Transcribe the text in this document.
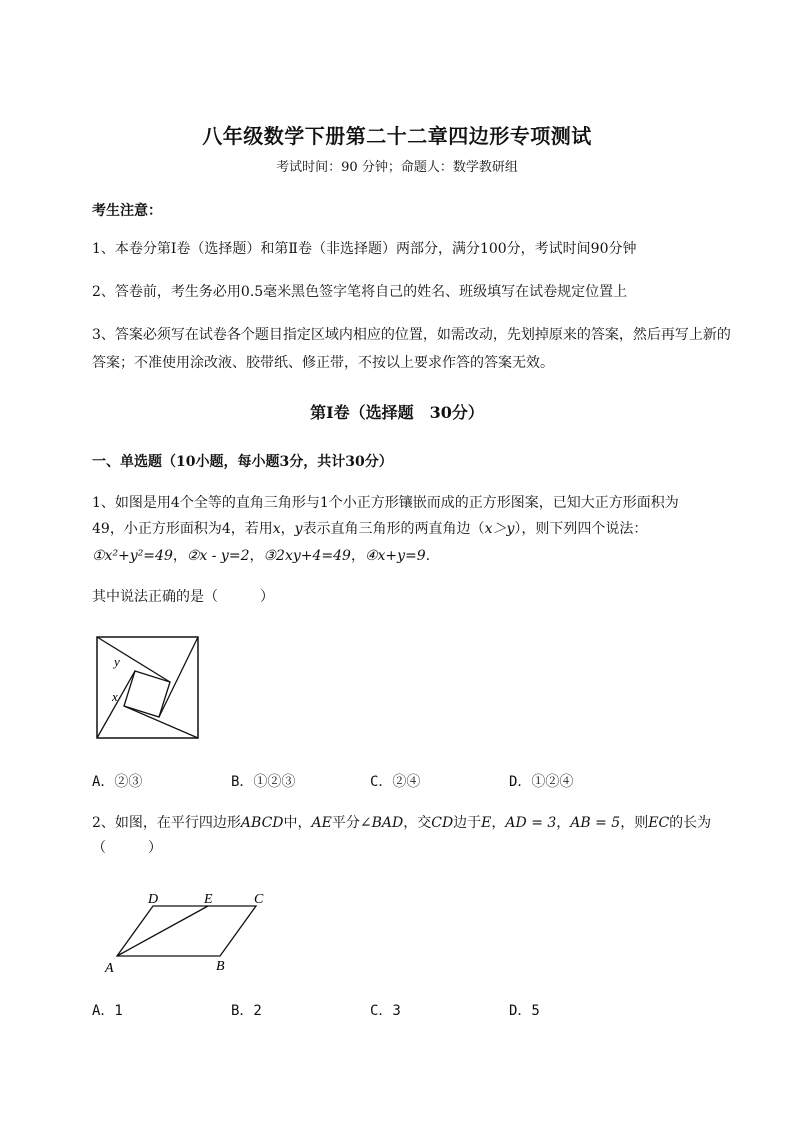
八年级数学下册第二十二章四边形专项测试
考试时间：90 分钟；命题人：数学教研组
考生注意：
1、本卷分第I卷（选择题）和第Ⅱ卷（非选择题）两部分，满分100分，考试时间90分钟
2、答卷前，考生务必用0.5毫米黑色签字笔将自己的姓名、班级填写在试卷规定位置上
3、答案必须写在试卷各个题目指定区域内相应的位置，如需改动，先划掉原来的答案，然后再写上新的答案；不准使用涂改液、胶带纸、修正带，不按以上要求作答的答案无效。
第I卷（选择题　30分）
一、单选题（10小题，每小题3分，共计30分）
1、如图是用4个全等的直角三角形与1个小正方形镶嵌而成的正方形图案，已知大正方形面积为
49，小正方形面积为4，若用x，y表示直角三角形的两直角边（x＞y），则下列四个说法：
①x²+y²=49，②x - y=2，③2xy+4=49，④x+y=9.
其中说法正确的是（　　　）
y
x
A．②③	B．①②③	C．②④	D．①②④
2、如图，在平行四边形ABCD中，AE平分∠BAD，交CD边于E，AD = 3，AB = 5，则EC的长为
（　　　）
D	E	C
A	B
A．1	B．2	C．3	D．5
